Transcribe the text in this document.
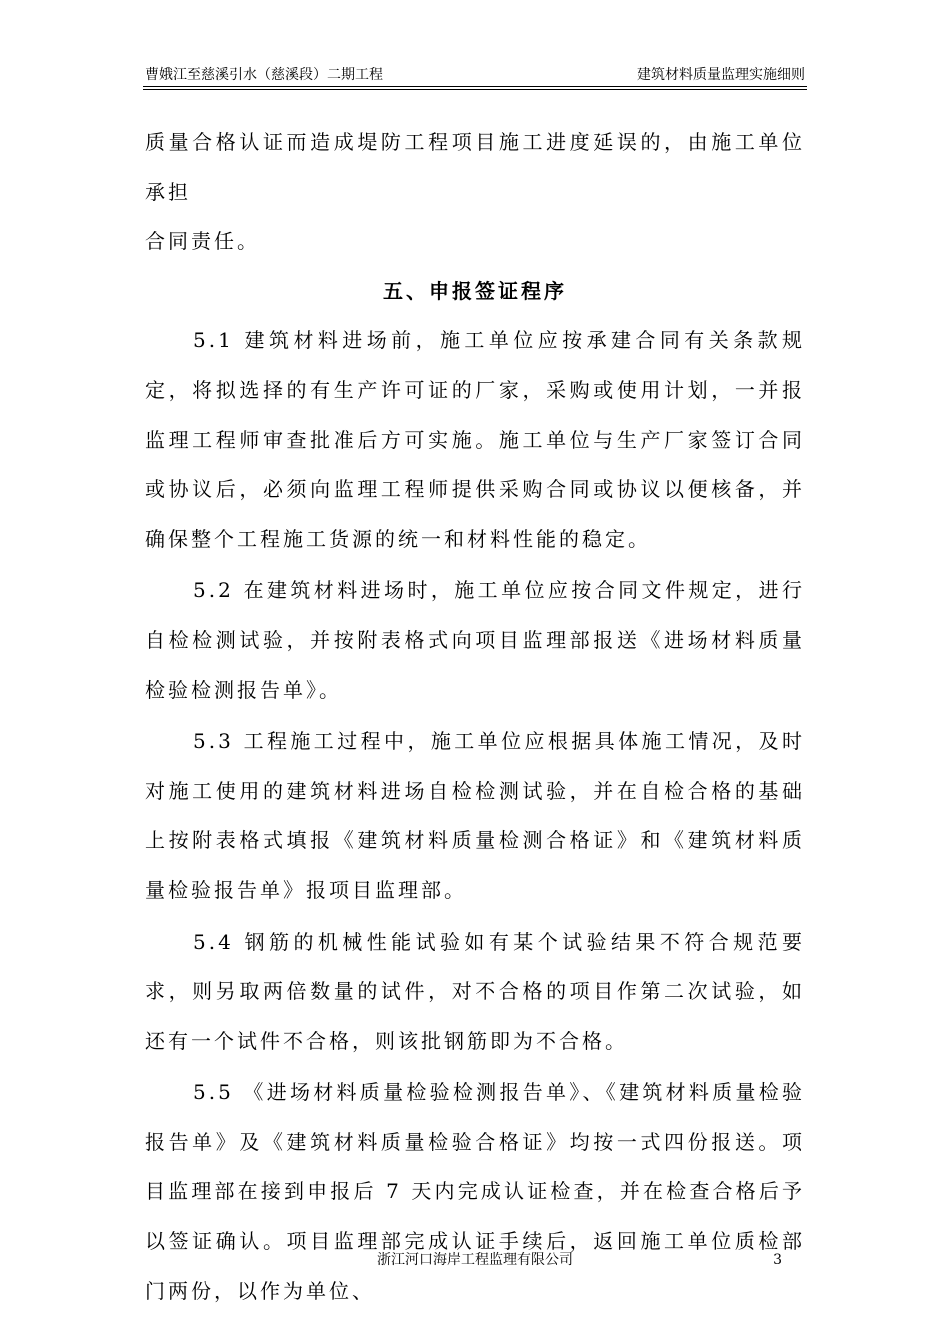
曹娥江至慈溪引水（慈溪段）二期工程	建筑材料质量监理实施细则

质量合格认证而造成堤防工程项目施工进度延误的，由施工单位承担

合同责任。

五、申报签证程序

5.1 建筑材料进场前，施工单位应按承建合同有关条款规定，将拟选择的有生产许可证的厂家，采购或使用计划，一并报监理工程师审查批准后方可实施。施工单位与生产厂家签订合同或协议后，必须向监理工程师提供采购合同或协议以便核备，并确保整个工程施工货源的统一和材料性能的稳定。

5.2 在建筑材料进场时，施工单位应按合同文件规定，进行自检检测试验，并按附表格式向项目监理部报送《进场材料质量检验检测报告单》。

5.3 工程施工过程中，施工单位应根据具体施工情况，及时对施工使用的建筑材料进场自检检测试验，并在自检合格的基础上按附表格式填报《建筑材料质量检测合格证》和《建筑材料质量检验报告单》报项目监理部。

5.4 钢筋的机械性能试验如有某个试验结果不符合规范要求，则另取两倍数量的试件，对不合格的项目作第二次试验，如还有一个试件不合格，则该批钢筋即为不合格。

5.5 《进场材料质量检验检测报告单》、《建筑材料质量检验报告单》及《建筑材料质量检验合格证》均按一式四份报送。项目监理部在接到申报后 7 天内完成认证检查，并在检查合格后予以签证确认。项目监理部完成认证手续后，返回施工单位质检部门两份，以作为单位、

浙江河口海岸工程监理有限公司	3
